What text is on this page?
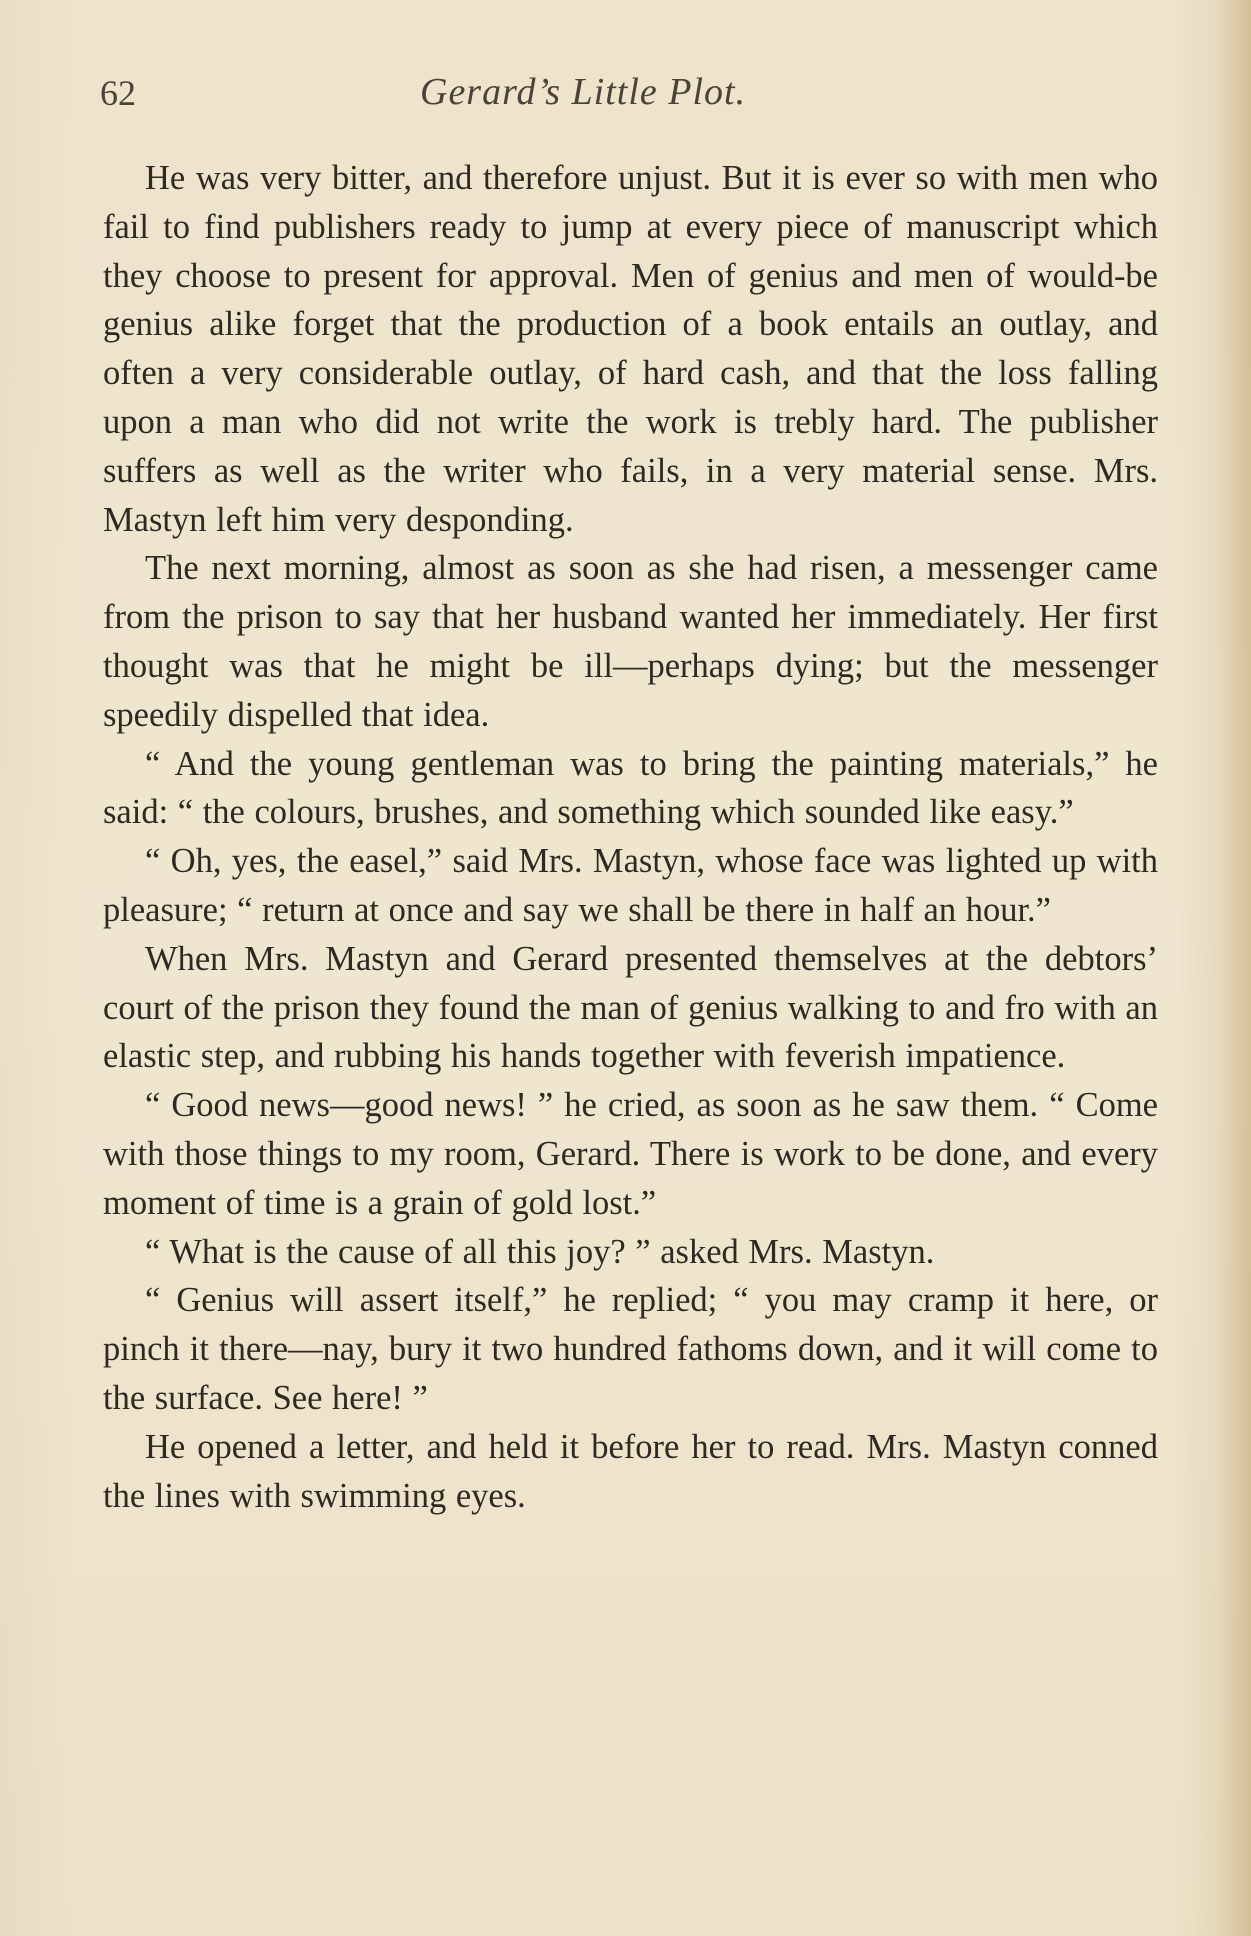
62	Gerard’s Little Plot.

He was very bitter, and therefore unjust. But it is ever so with men who fail to find publishers ready to jump at every piece of manuscript which they choose to present for approval. Men of genius and men of would-be genius alike forget that the production of a book entails an outlay, and often a very considerable outlay, of hard cash, and that the loss falling upon a man who did not write the work is trebly hard. The publisher suffers as well as the writer who fails, in a very material sense. Mrs. Mastyn left him very desponding.

The next morning, almost as soon as she had risen, a messenger came from the prison to say that her husband wanted her immediately. Her first thought was that he might be ill—perhaps dying; but the messenger speedily dispelled that idea.

“ And the young gentleman was to bring the painting materials,” he said: “ the colours, brushes, and something which sounded like easy.”

“ Oh, yes, the easel,” said Mrs. Mastyn, whose face was lighted up with pleasure; “ return at once and say we shall be there in half an hour.”

When Mrs. Mastyn and Gerard presented themselves at the debtors’ court of the prison they found the man of genius walking to and fro with an elastic step, and rubbing his hands together with feverish impatience.

“ Good news—good news! ” he cried, as soon as he saw them. “ Come with those things to my room, Gerard. There is work to be done, and every moment of time is a grain of gold lost.”

“ What is the cause of all this joy? ” asked Mrs. Mastyn.

“ Genius will assert itself,” he replied; “ you may cramp it here, or pinch it there—nay, bury it two hundred fathoms down, and it will come to the surface. See here! ”

He opened a letter, and held it before her to read. Mrs. Mastyn conned the lines with swimming eyes.
